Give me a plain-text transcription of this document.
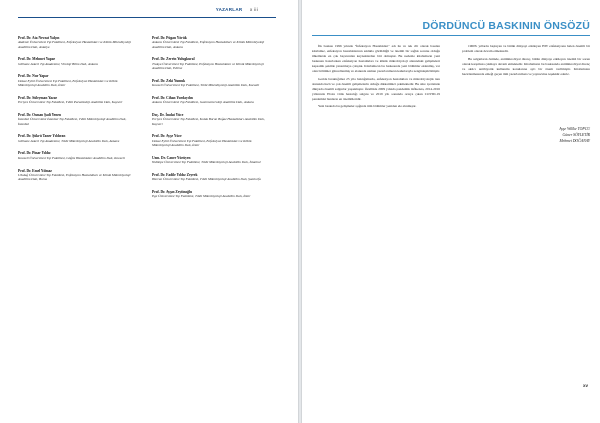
YAZARLAR x iii
Prof. Dr. Ata Nevzat Yalçın
Akdeniz Üniversitesi Tıp Fakültesi, Enfeksiyon Hastalıkları ve Klinik Mikrobiyoloji Anabilim Dalı, Antalya
Prof. Dr. Mehmet Yapar
Gülhane Askeri Tıp Akademisi, Viroloji Bilim Dalı, Ankara
Prof. Dr. Nur Yapar
Dokuz Eylül Üniversitesi Tıp Fakültesi, Enfeksiyon Hastalıkları ve Klinik Mikrobiyoloji Anabilim Dalı, İzmir
Prof. Dr. Süleyman Yazar
Erciyes Üniversitesi Tıp Fakültesi, Tıbbi Parazitoloji Anabilim Dalı, Kayseri
Prof. Dr. Osman Şadi Yenen
İstanbul Üniversitesi İstanbul Tıp Fakültesi, Tıbbi Mikrobiyoloji Anabilim Dalı, İstanbul
Prof. Dr. Şükrü Taner Yıldıran
Gülhane Askeri Tıp Akademisi, Tıbbi Mikrobiyoloji Anabilim Dalı, Ankara
Prof. Dr. Pinar Yıldız
Kocaeli Üniversitesi Tıp Fakültesi, Göğüs Hastalıkları Anabilim Dalı, Kocaeli
Prof. Dr. Emel Yılmaz
Uludağ Üniversitesi Tıp Fakültesi, Enfeksiyon Hastalıkları ve Klinik Mikrobiyoloji Anabilim Dalı, Bursa
Prof. Dr. Pügan Yörük
Ankara Üniversitesi Tıp Fakültesi, Enfeksiyon Hastalıkları ve Klinik Mikrobiyoloji Anabilim Dalı, Ankara
Prof. Dr. Zerrin Yulugkural
Trakya Üniversitesi Tıp Fakültesi, Enfeksiyon Hastalıkları ve Klinik Mikrobiyoloji Anabilim Dalı, Edirne
Prof. Dr. Zeki Yumuk
Kocaeli Üniversitesi Tıp Fakültesi, Tıbbi Mikrobiyoloji Anabilim Dalı, Kocaeli
Prof. Dr. Cihan Yurdaydın
Ankara Üniversitesi Tıp Fakültesi, Gastroenteroloji Anabilim Dalı, Ankara
Doç. Dr. İmdat Yüce
Erciyes Üniversitesi Tıp Fakültesi, Kulak Burun Boğaz Hastalıkları Anabilim Dalı, Kayseri
Prof. Dr. Ayşe Yüce
Dokuz Eylül Üniversitesi Tıp Fakültesi, Enfeksiyon Hastalıkları ve Klinik Mikrobiyoloji Anabilim Dalı, İzmir
Uzm. Dr. Caner Yürüyen
Yeditepe Üniversitesi Tıp Fakültesi, Tıbbi Mikrobiyoloji Anabilim Dalı, İstanbul
Prof. Dr. Fadile Yıldız Zeyrek
Harran Üniversitesi Tıp Fakültesi, Tıbbi Mikrobiyoloji Anabilim Dalı, Şanlıurfa
Prof. Dr. Ayşın Zeytinoğlu
Ege Üniversitesi Tıp Fakültesi, Tıbbi Mikrobiyoloji Anabilim Dalı, İzmir
DÖRDÜNCÜ BASKININ ÖNSÖZÜ

İlk baskısı 1996 yılında "İnfeksiyon Hastalıkları" adı ile ve tek cilt olarak basılan kitabımız, enfeksiyon hastalıklarının sıklıkla görüldüğü ve önemli bir sağlık sorunu olduğu ülkemizde en çok başvurulan kaynaklardan biri olmuştur. Bu nedenle kitabımızın yeni baskısını hazırlarken enfeksiyon hastalıkları ve klinik mikrobiyoloji alanındaki gelişmeleri kapsamlı şekilde yansıtmaya çalıştık. Kitabımızın bu baskısında yeni bölümler eklenmiş, var olan bölümler güncellenmiş ve alanında uzman yazarlarımızın katkılarıyla zenginleştirilmiştir.

Geride bıraktığımız 25 yıla baktığımızda, enfeksiyon hastalıkları ve mikrobiyolojik tanı alanında hızlı ve çok önemli gelişmelerin olduğu dikkatimizi çekmektedir. Bu süre içerisinde dünyada önemli salgınlar yaşanmıştır. Özellikle 2009 yılında pandemik influenza, 2014-2016 yıllarında Ebola virüs hastalığı salgını ve 2019 yılı sonunda ortaya çıkan COVID-19 pandemisi bunların en önemlileridir.

Yeni baskıda bu gelişmeler ışığında tüm bölümler yeniden ele alınmıştır.

1960'lı yıllarda başlayan ve bütün dünyayı etkileyen HIV enfeksiyonu halen önemli bir problem olarak devam etmektedir.

Bu salgınların önünde, antimikrobiyal direnç, bütün dünyayı etkileyen önemli bir sorun olarak karşımıza çıkmaya devam etmektedir. Kitabımızın bu baskısında antimikrobiyal direnç ve akılcı antibiyotik kullanımı konularına ayrı bir önem verilmiştir. Kitabımızın hazırlanmasında emeği geçen tüm yazarlarımıza ve yayınevine teşekkür ederiz.

Ayşe Willke TOPCU
Güner SÖYLETİR
Mehmet DOĞANAY
xv
